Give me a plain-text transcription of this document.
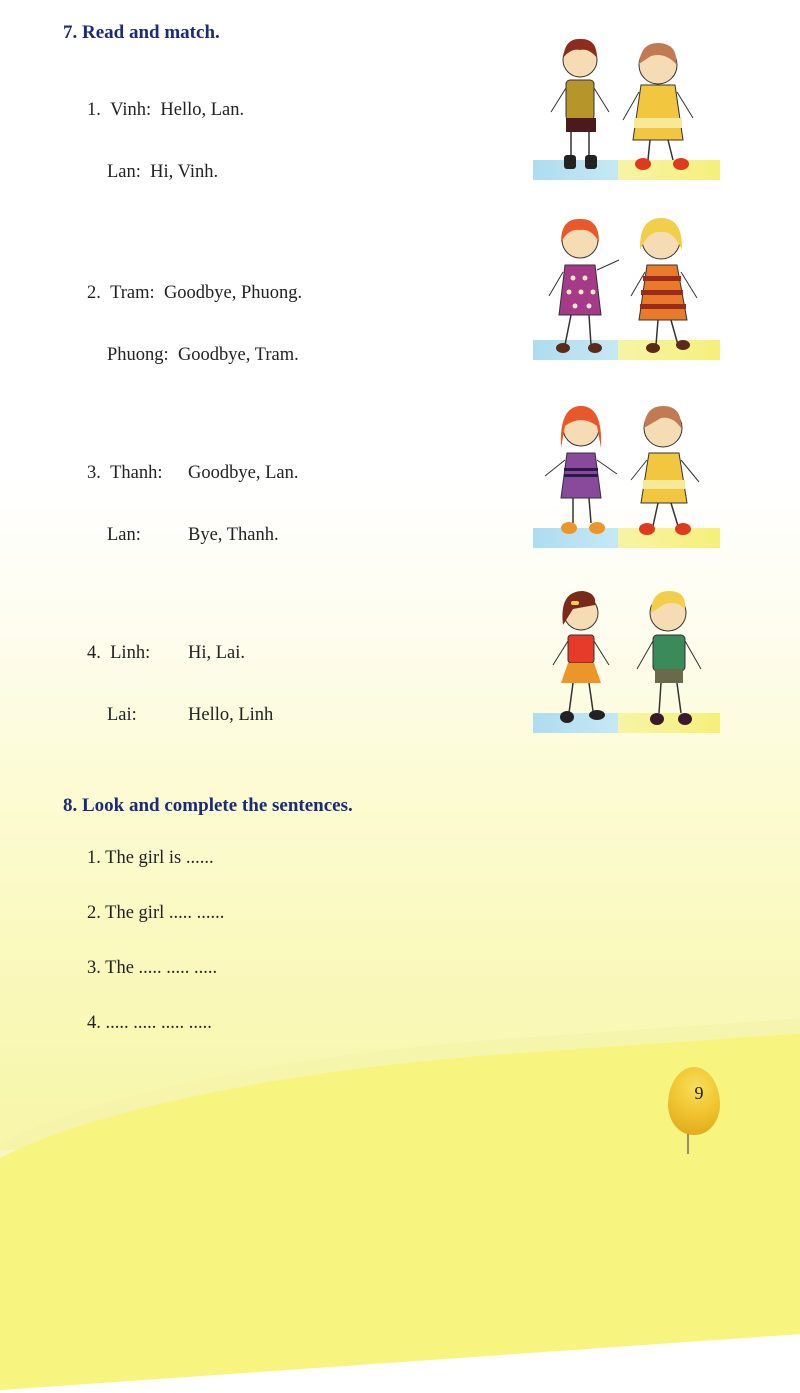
7. Read and match.
1.  Vinh:  Hello, Lan.
Lan:  Hi, Vinh.
2.  Tram:  Goodbye, Phuong.
Phuong:  Goodbye, Tram.
3.  Thanh: Goodbye, Lan.
Lan: Bye, Thanh.
4.  Linh: Hi, Lai.
Lai:	Hello, Linh
8. Look and complete the sentences.
1. The girl is ......
2. The girl ..... ......
3. The ..... ..... .....
4. ..... ..... ..... .....
9
